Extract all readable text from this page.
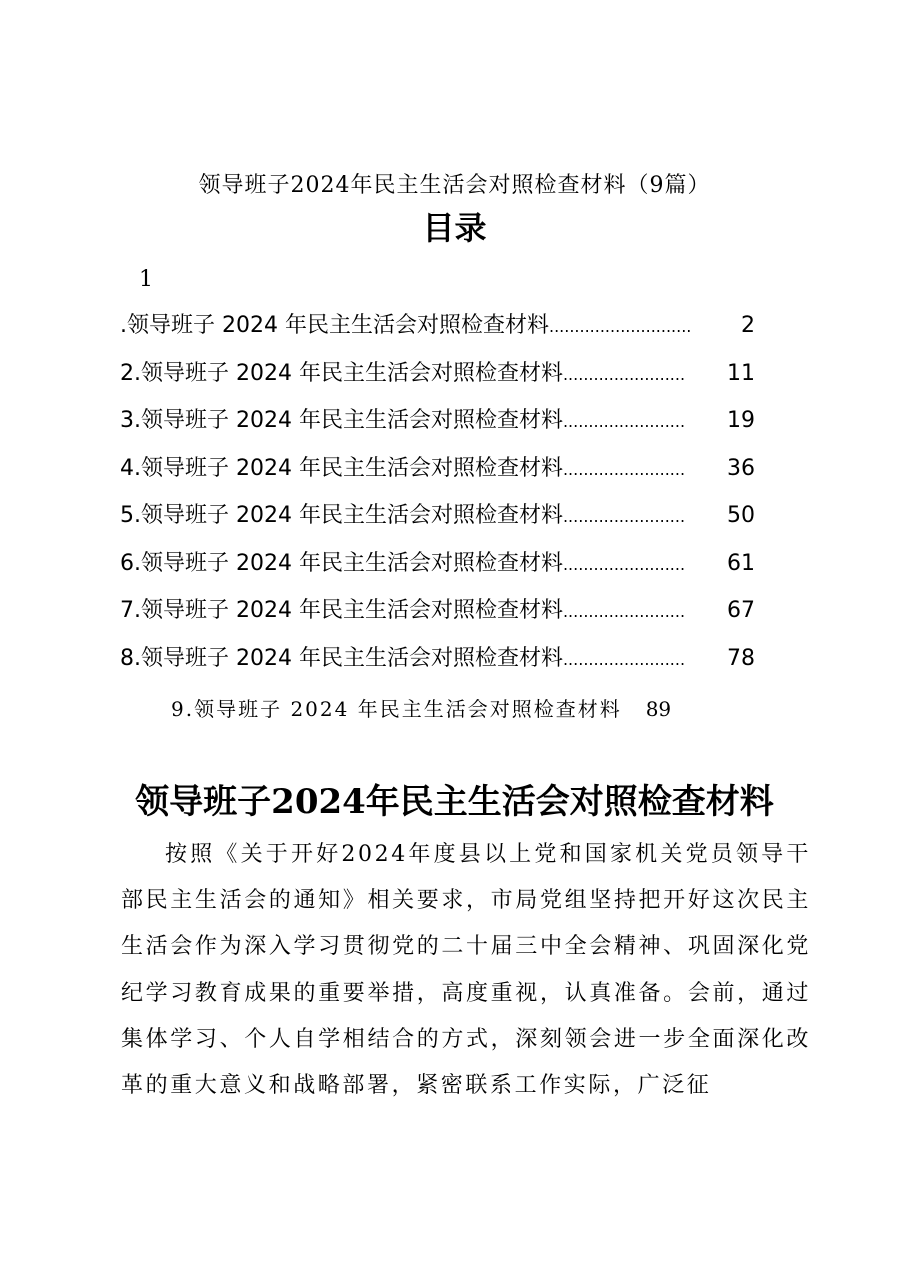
领导班子2024年民主生活会对照检查材料（9篇）
目录
1
.领导班子 2024 年民主生活会对照检查材料 ............................	2
2.领导班子 2024 年民主生活会对照检查材料 ........................	11
3.领导班子 2024 年民主生活会对照检查材料 ........................	19
4.领导班子 2024 年民主生活会对照检查材料 ........................	36
5.领导班子 2024 年民主生活会对照检查材料 ........................	50
6.领导班子 2024 年民主生活会对照检查材料 ........................	61
7.领导班子 2024 年民主生活会对照检查材料 ........................	67
8.领导班子 2024 年民主生活会对照检查材料 ........................	78
9.领导班子 2024 年民主生活会对照检查材料 89
领导班子2024年民主生活会对照检查材料

按照《关于开好2024年度县以上党和国家机关党员领导干部民主生活会的通知》相关要求，市局党组坚持把开好这次民主生活会作为深入学习贯彻党的二十届三中全会精神、巩固深化党纪学习教育成果的重要举措，高度重视，认真准备。会前，通过集体学习、个人自学相结合的方式，深刻领会进一步全面深化改革的重大意义和战略部署，紧密联系工作实际，广泛征
